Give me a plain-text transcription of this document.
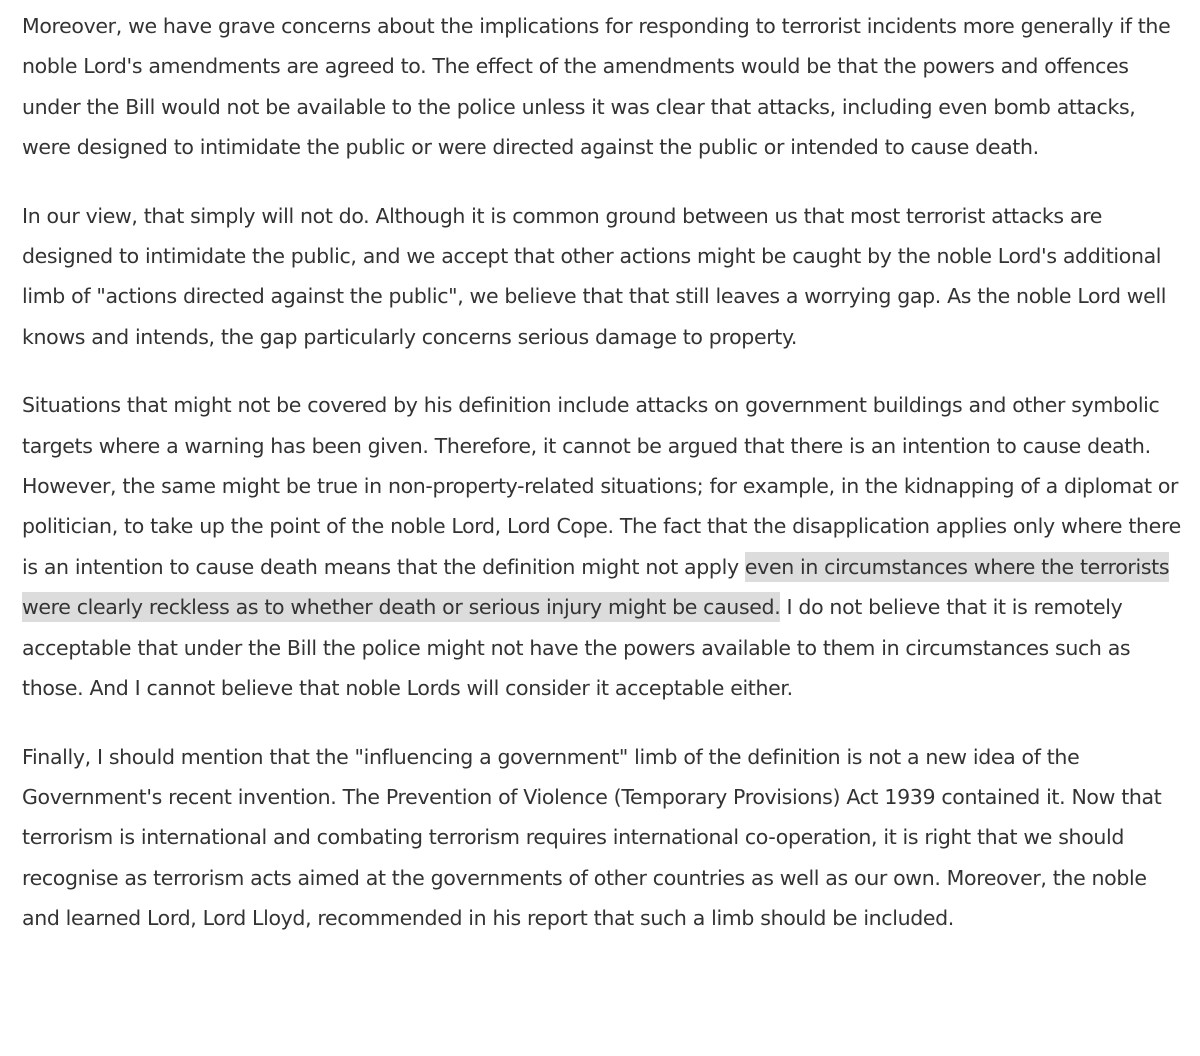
Moreover, we have grave concerns about the implications for responding to terrorist incidents more generally if the noble Lord's amendments are agreed to. The effect of the amendments would be that the powers and offences under the Bill would not be available to the police unless it was clear that attacks, including even bomb attacks, were designed to intimidate the public or were directed against the public or intended to cause death.

In our view, that simply will not do. Although it is common ground between us that most terrorist attacks are designed to intimidate the public, and we accept that other actions might be caught by the noble Lord's additional limb of "actions directed against the public", we believe that that still leaves a worrying gap. As the noble Lord well knows and intends, the gap particularly concerns serious damage to property.

Situations that might not be covered by his definition include attacks on government buildings and other symbolic targets where a warning has been given. Therefore, it cannot be argued that there is an intention to cause death. However, the same might be true in non-property-related situations; for example, in the kidnapping of a diplomat or politician, to take up the point of the noble Lord, Lord Cope. The fact that the disapplication applies only where there is an intention to cause death means that the definition might not apply even in circumstances where the terrorists were clearly reckless as to whether death or serious injury might be caused. I do not believe that it is remotely acceptable that under the Bill the police might not have the powers available to them in circumstances such as those. And I cannot believe that noble Lords will consider it acceptable either.

Finally, I should mention that the "influencing a government" limb of the definition is not a new idea of the Government's recent invention. The Prevention of Violence (Temporary Provisions) Act 1939 contained it. Now that terrorism is international and combating terrorism requires international co-operation, it is right that we should recognise as terrorism acts aimed at the governments of other countries as well as our own. Moreover, the noble and learned Lord, Lord Lloyd, recommended in his report that such a limb should be included.
